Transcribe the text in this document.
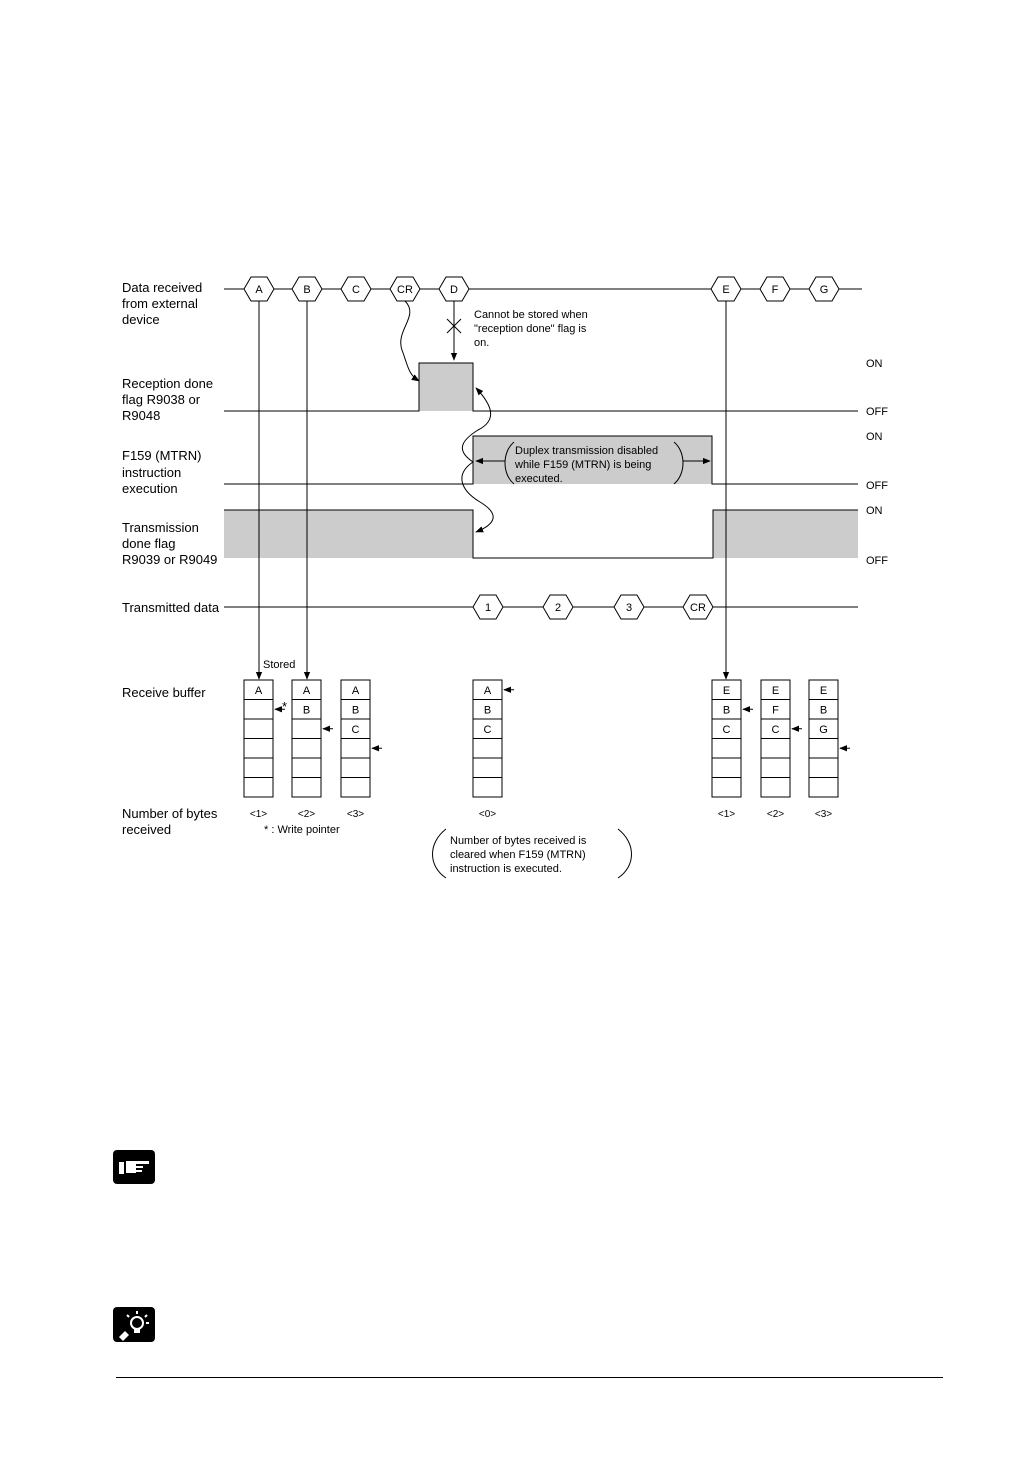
Data received from external device
Reception done flag R9038 or R9048
F159 (MTRN) instruction execution
Transmission done flag R9039 or R9049
Transmitted data
Receive buffer
Number of bytes received
ON
OFF
ON
OFF
ON
OFF
A	B	C	CR	D	E	F	G
Cannot be stored when "reception done" flag is on.
Duplex transmission disabled while F159 (MTRN) is being executed.
1	2	3	CR
Stored
*
A
<1>
A
B
<2>
A
B
C
<3>
A
B
C
<0>
E
B
C
<1>
E
F
C
<2>
E
B
G
<3>
* : Write pointer
Number of bytes received is cleared when F159 (MTRN) instruction is executed.
